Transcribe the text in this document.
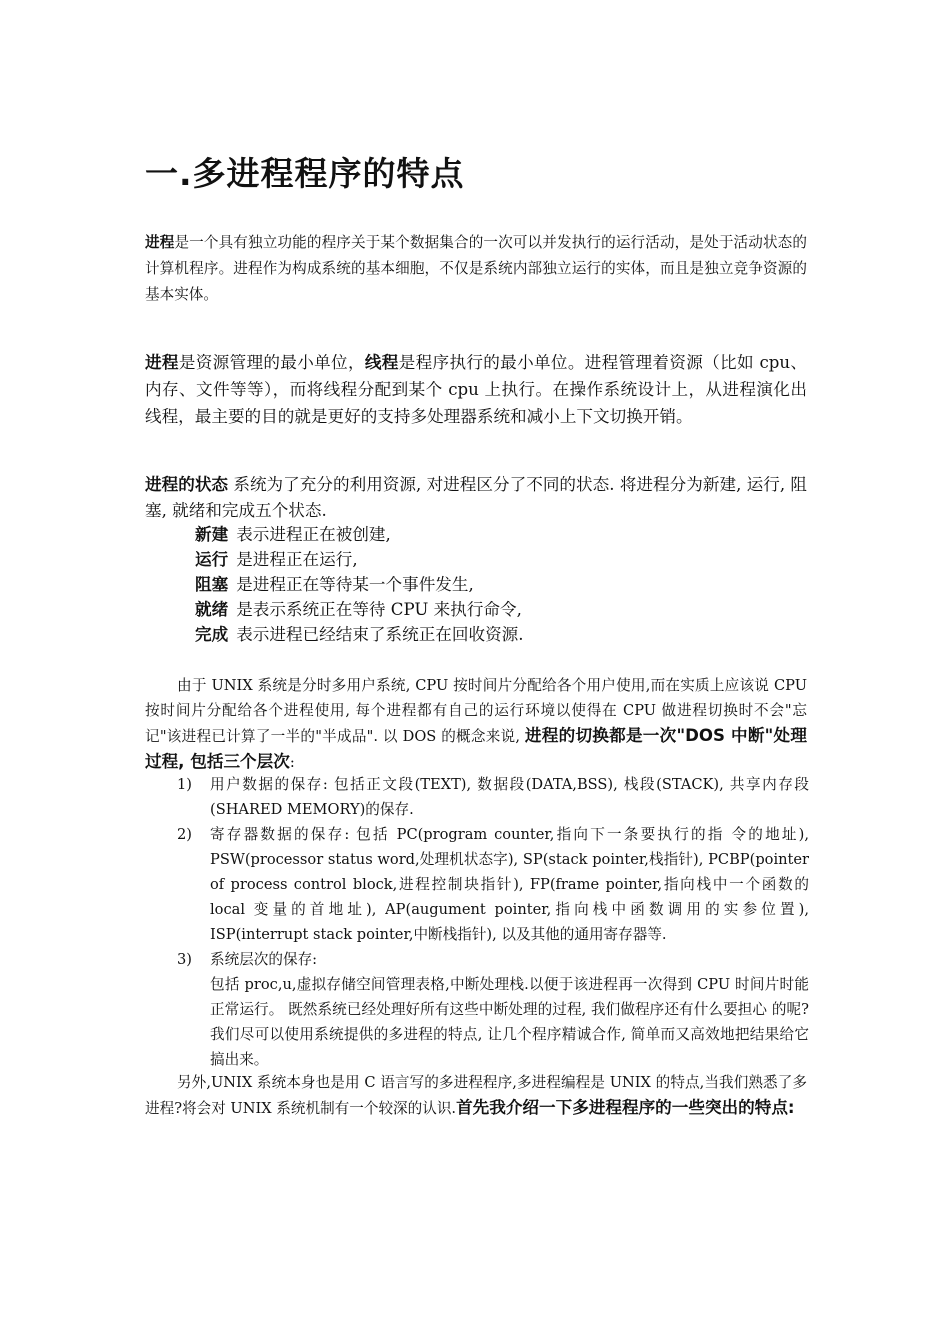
一.多进程程序的特点

进程是一个具有独立功能的程序关于某个数据集合的一次可以并发执行的运行活动，是处于活动状态的计算机程序。进程作为构成系统的基本细胞，不仅是系统内部独立运行的实体，而且是独立竞争资源的基本实体。

进程是资源管理的最小单位，线程是程序执行的最小单位。进程管理着资源（比如 cpu、内存、文件等等），而将线程分配到某个 cpu 上执行。在操作系统设计上，从进程演化出线程，最主要的目的就是更好的支持多处理器系统和减小上下文切换开销。

进程的状态 系统为了充分的利用资源, 对进程区分了不同的状态. 将进程分为新建, 运行, 阻塞, 就绪和完成五个状态.

新建 表示进程正在被创建,
运行 是进程正在运行,
阻塞 是进程正在等待某一个事件发生,
就绪 是表示系统正在等待 CPU 来执行命令,
完成 表示进程已经结束了系统正在回收资源.

由于 UNIX 系统是分时多用户系统, CPU 按时间片分配给各个用户使用,而在实质上应该说 CPU 按时间片分配给各个进程使用, 每个进程都有自己的运行环境以使得在 CPU 做进程切换时不会"忘记"该进程已计算了一半的"半成品". 以 DOS 的概念来说, 进程的切换都是一次"DOS 中断"处理过程, 包括三个层次:

1) 用户数据的保存: 包括正文段(TEXT), 数据段(DATA,BSS), 栈段(STACK), 共享内存段(SHARED MEMORY)的保存.
2) 寄存器数据的保存: 包括 PC(program counter,指向下一条要执行的指 令的地址), PSW(processor status word,处理机状态字), SP(stack pointer,栈指针), PCBP(pointer of process control block,进程控制块指针), FP(frame pointer,指向栈中一个函数的 local 变量的首地址), AP(augument pointer,指向栈中函数调用的实参位置), ISP(interrupt stack pointer,中断栈指针), 以及其他的通用寄存器等.
3) 系统层次的保存:
包括 proc,u,虚拟存储空间管理表格,中断处理栈.以便于该进程再一次得到 CPU 时间片时能正常运行。 既然系统已经处理好所有这些中断处理的过程, 我们做程序还有什么要担心 的呢? 我们尽可以使用系统提供的多进程的特点, 让几个程序精诚合作, 简单而又高效地把结果给它搞出来。

另外,UNIX 系统本身也是用 C 语言写的多进程程序,多进程编程是 UNIX 的特点,当我们熟悉了多进程?将会对 UNIX 系统机制有一个较深的认识.首先我介绍一下多进程程序的一些突出的特点:
